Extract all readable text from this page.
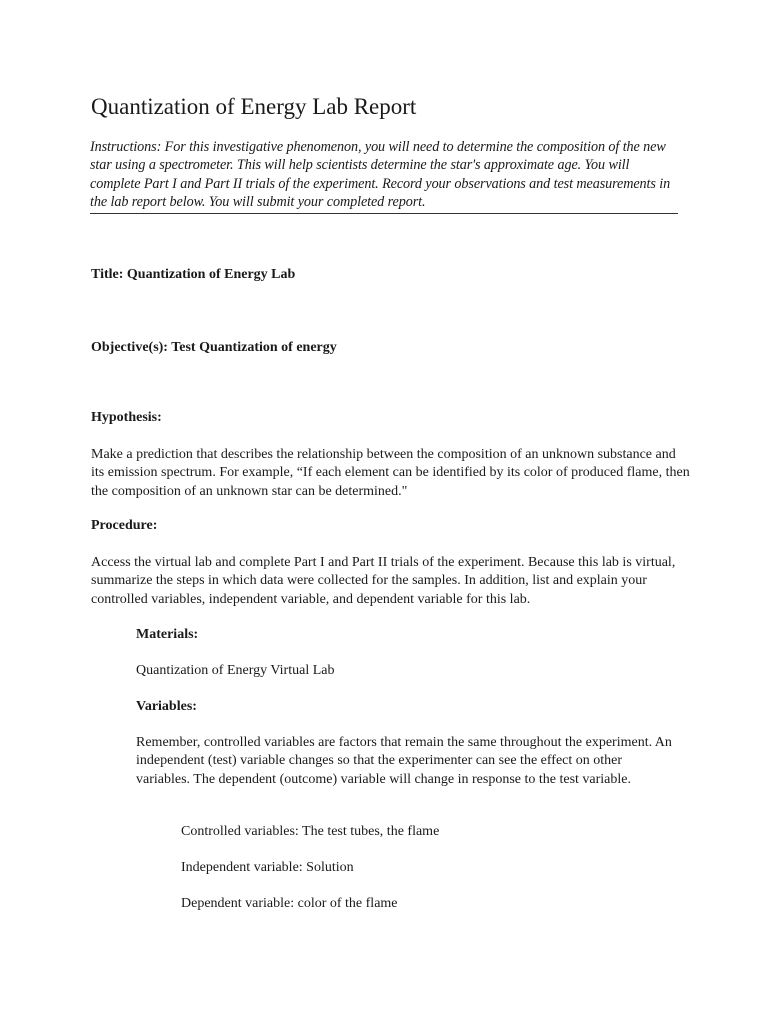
Quantization of Energy Lab Report

Instructions: For this investigative phenomenon, you will need to determine the composition of the new star using a spectrometer. This will help scientists determine the star's approximate age. You will complete Part I and Part II trials of the experiment. Record your observations and test measurements in the lab report below. You will submit your completed report.

Title: Quantization of Energy Lab

Objective(s): Test Quantization of energy

Hypothesis:

Make a prediction that describes the relationship between the composition of an unknown substance and its emission spectrum. For example, “If each element can be identified by its color of produced flame, then the composition of an unknown star can be determined."

Procedure:

Access the virtual lab and complete Part I and Part II trials of the experiment. Because this lab is virtual, summarize the steps in which data were collected for the samples. In addition, list and explain your controlled variables, independent variable, and dependent variable for this lab.

Materials:

Quantization of Energy Virtual Lab

Variables:

Remember, controlled variables are factors that remain the same throughout the experiment. An independent (test) variable changes so that the experimenter can see the effect on other variables. The dependent (outcome) variable will change in response to the test variable.

Controlled variables: The test tubes, the flame

Independent variable: Solution

Dependent variable: color of the flame
